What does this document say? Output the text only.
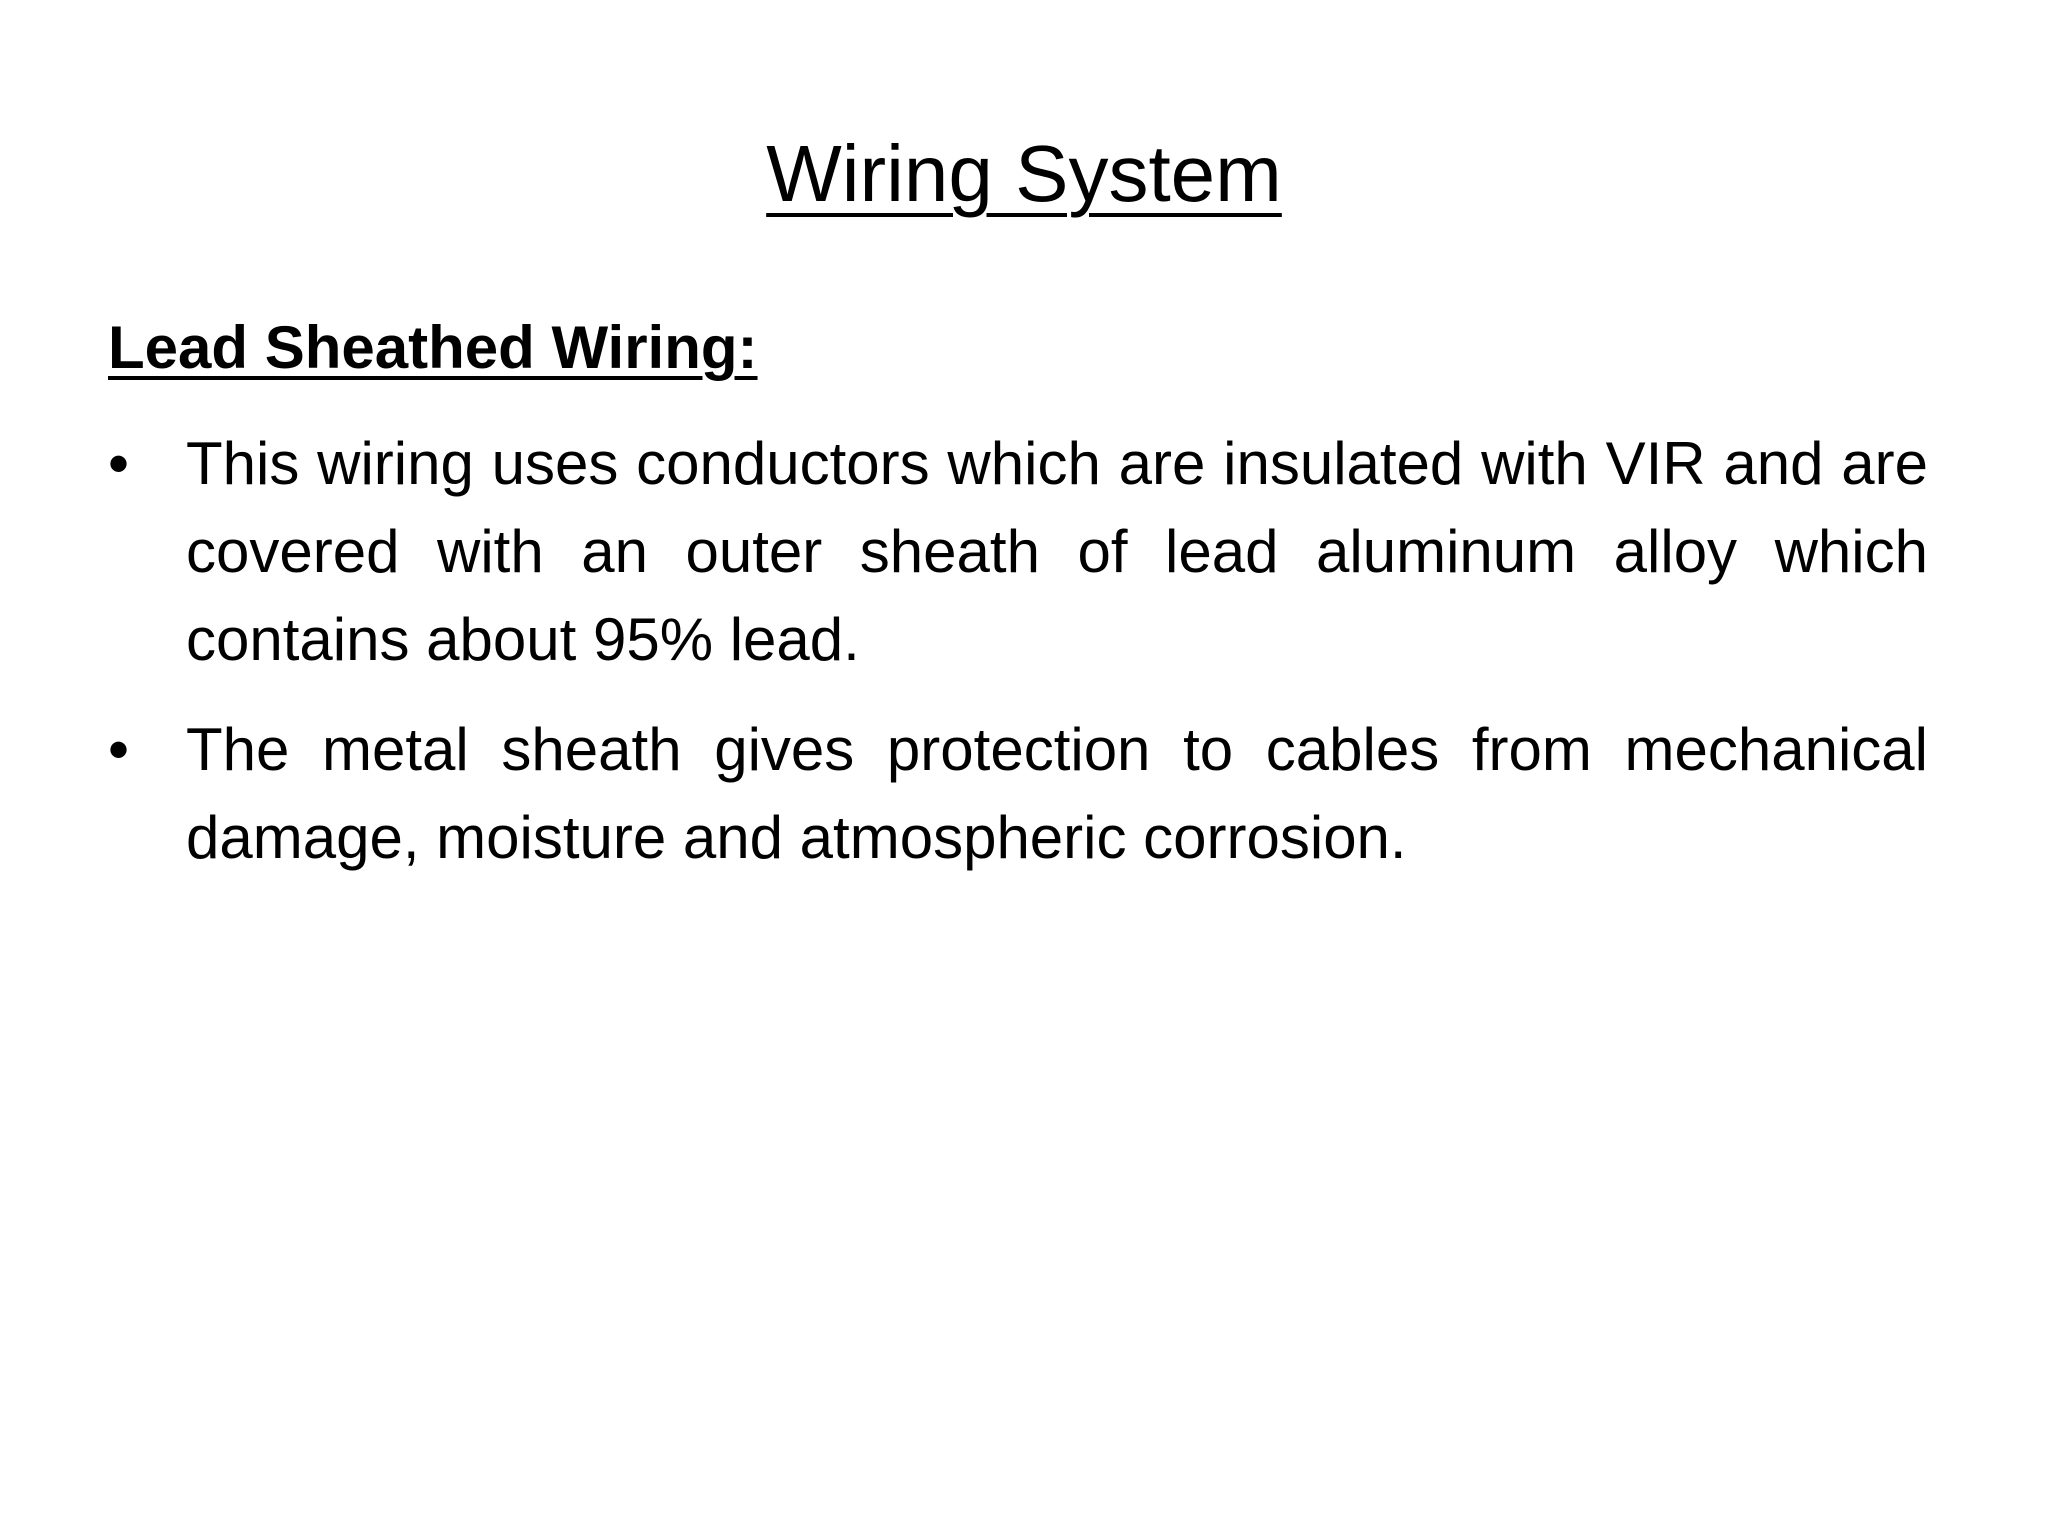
Wiring System
Lead Sheathed Wiring:
• This wiring uses conductors which are insulated with VIR and are covered with an outer sheath of lead aluminum alloy which contains about 95% lead.
• The metal sheath gives protection to cables from mechanical damage, moisture and atmospheric corrosion.
